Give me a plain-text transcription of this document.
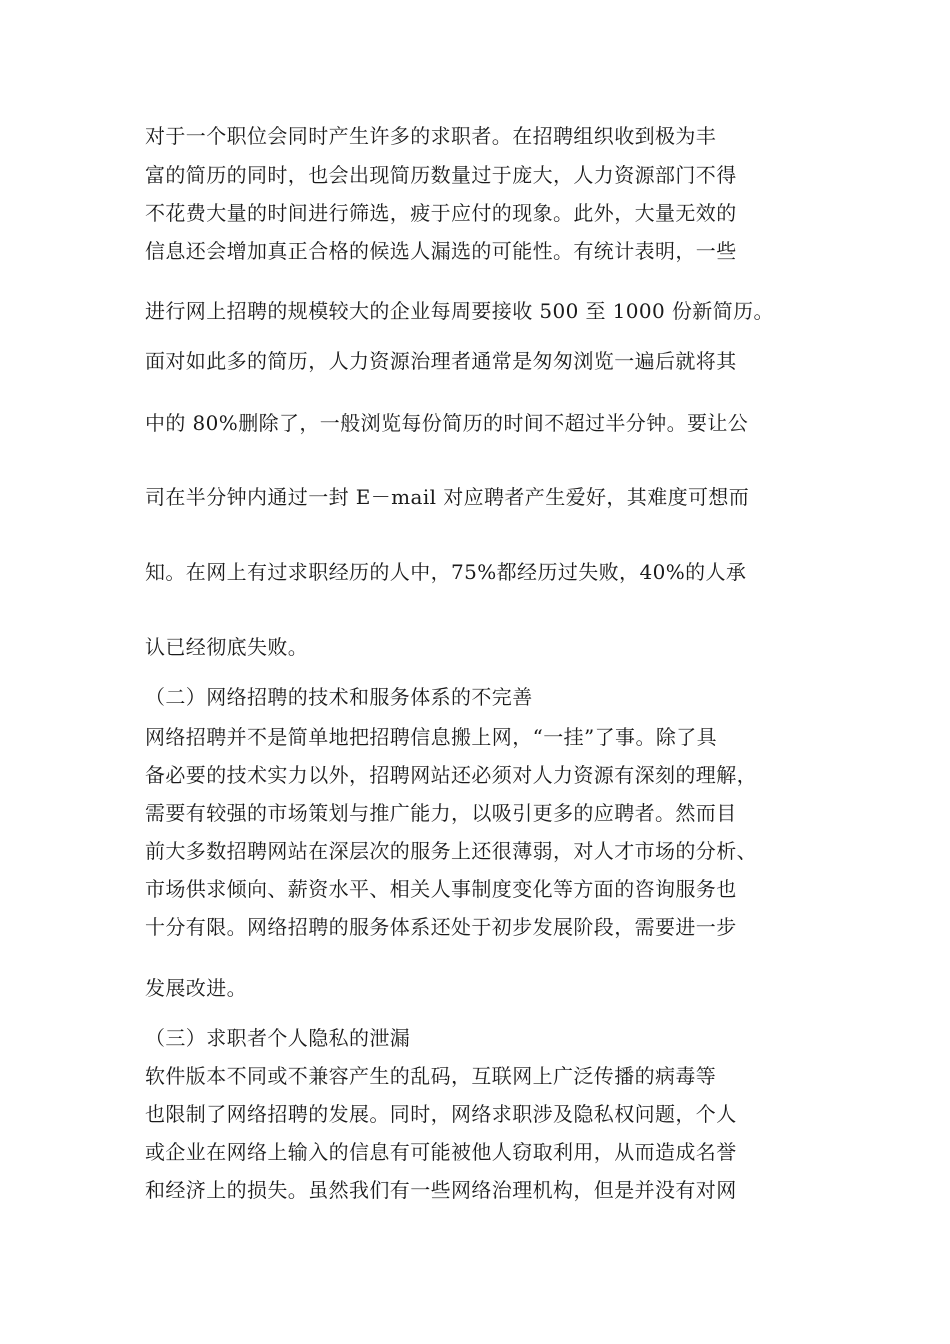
对于一个职位会同时产生许多的求职者。在招聘组织收到极为丰
富的简历的同时，也会出现简历数量过于庞大，人力资源部门不得
不花费大量的时间进行筛选，疲于应付的现象。此外，大量无效的
信息还会增加真正合格的候选人漏选的可能性。有统计表明，一些
进行网上招聘的规模较大的企业每周要接收 500 至 1000 份新简历。
面对如此多的简历，人力资源治理者通常是匆匆浏览一遍后就将其
中的 80%删除了，一般浏览每份简历的时间不超过半分钟。要让公
司在半分钟内通过一封 E－mail 对应聘者产生爱好，其难度可想而
知。在网上有过求职经历的人中，75%都经历过失败，40%的人承
认已经彻底失败。
（二）网络招聘的技术和服务体系的不完善
网络招聘并不是简单地把招聘信息搬上网，“一挂”了事。除了具
备必要的技术实力以外，招聘网站还必须对人力资源有深刻的理解，
需要有较强的市场策划与推广能力，以吸引更多的应聘者。然而目
前大多数招聘网站在深层次的服务上还很薄弱，对人才市场的分析、
市场供求倾向、薪资水平、相关人事制度变化等方面的咨询服务也
十分有限。网络招聘的服务体系还处于初步发展阶段，需要进一步
发展改进。
（三）求职者个人隐私的泄漏
软件版本不同或不兼容产生的乱码，互联网上广泛传播的病毒等
也限制了网络招聘的发展。同时，网络求职涉及隐私权问题，个人
或企业在网络上输入的信息有可能被他人窃取利用，从而造成名誉
和经济上的损失。虽然我们有一些网络治理机构，但是并没有对网
